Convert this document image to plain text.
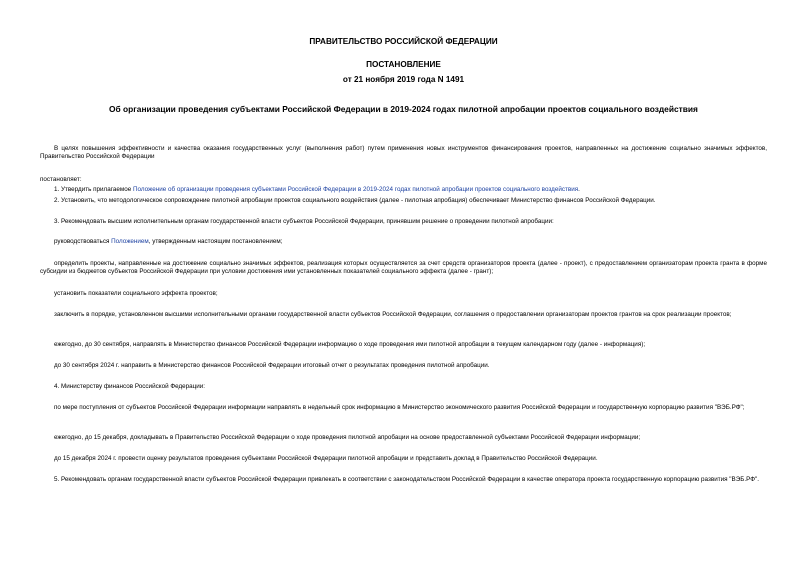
ПРАВИТЕЛЬСТВО РОССИЙСКОЙ ФЕДЕРАЦИИ
ПОСТАНОВЛЕНИЕ
от 21 ноября 2019 года N 1491
Об организации проведения субъектами Российской Федерации в 2019-2024 годах пилотной апробации проектов социального воздействия
В целях повышения эффективности и качества оказания государственных услуг (выполнения работ) путем применения новых инструментов финансирования проектов, направленных на достижение социально значимых эффектов, Правительство Российской Федерации
постановляет:
1. Утвердить прилагаемое Положение об организации проведения субъектами Российской Федерации в 2019-2024 годах пилотной апробации проектов социального воздействия.
2. Установить, что методологическое сопровождение пилотной апробации проектов социального воздействия (далее - пилотная апробация) обеспечивает Министерство финансов Российской Федерации.
3. Рекомендовать высшим исполнительным органам государственной власти субъектов Российской Федерации, принявшим решение о проведении пилотной апробации:
руководствоваться Положением, утвержденным настоящим постановлением;
определить проекты, направленные на достижение социально значимых эффектов, реализация которых осуществляется за счет средств организаторов проекта (далее - проект), с предоставлением организаторам проекта гранта в форме субсидии из бюджетов субъектов Российской Федерации при условии достижения ими установленных показателей социального эффекта (далее - грант);
установить показатели социального эффекта проектов;
заключить в порядке, установленном высшими исполнительными органами государственной власти субъектов Российской Федерации, соглашения о предоставлении организаторам проектов грантов на срок реализации проектов;
ежегодно, до 30 сентября, направлять в Министерство финансов Российской Федерации информацию о ходе проведения ими пилотной апробации в текущем календарном году (далее - информация);
до 30 сентября 2024 г. направить в Министерство финансов Российской Федерации итоговый отчет о результатах проведения пилотной апробации.
4. Министерству финансов Российской Федерации:
по мере поступления от субъектов Российской Федерации информации направлять в недельный срок информацию в Министерство экономического развития Российской Федерации и государственную корпорацию развития "ВЭБ.РФ";
ежегодно, до 15 декабря, докладывать в Правительство Российской Федерации о ходе проведения пилотной апробации на основе предоставленной субъектами Российской Федерации информации;
до 15 декабря 2024 г. провести оценку результатов проведения субъектами Российской Федерации пилотной апробации и представить доклад в Правительство Российской Федерации.
5. Рекомендовать органам государственной власти субъектов Российской Федерации привлекать в соответствии с законодательством Российской Федерации в качестве оператора проекта государственную корпорацию развития "ВЭБ.РФ".
